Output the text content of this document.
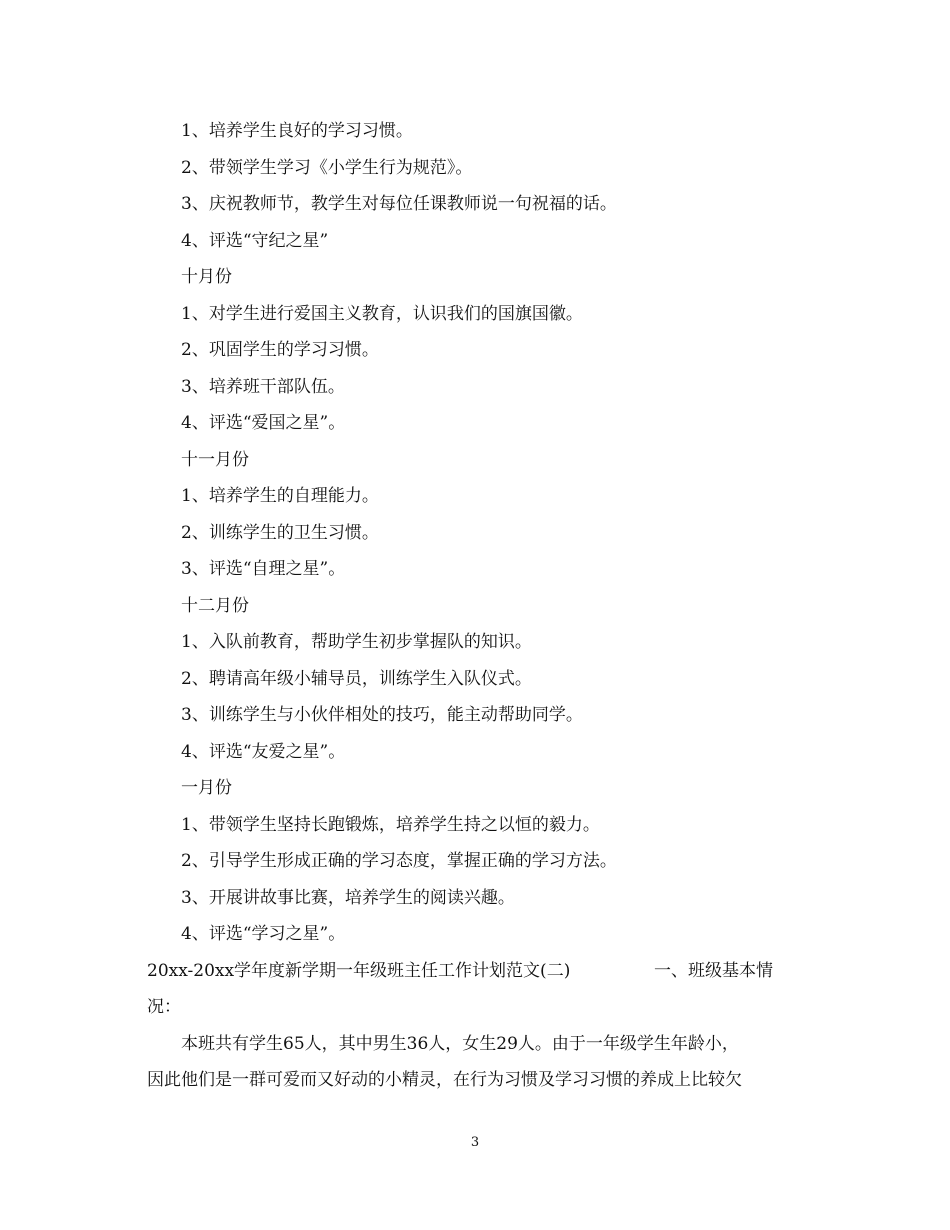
1、培养学生良好的学习习惯。
2、带领学生学习《小学生行为规范》。
3、庆祝教师节，教学生对每位任课教师说一句祝福的话。
4、评选“守纪之星”
十月份
1、对学生进行爱国主义教育，认识我们的国旗国徽。
2、巩固学生的学习习惯。
3、培养班干部队伍。
4、评选“爱国之星”。
十一月份
1、培养学生的自理能力。
2、训练学生的卫生习惯。
3、评选“自理之星”。
十二月份
1、入队前教育，帮助学生初步掌握队的知识。
2、聘请高年级小辅导员，训练学生入队仪式。
3、训练学生与小伙伴相处的技巧，能主动帮助同学。
4、评选“友爱之星”。
一月份
1、带领学生坚持长跑锻炼，培养学生持之以恒的毅力。
2、引导学生形成正确的学习态度，掌握正确的学习方法。
3、开展讲故事比赛，培养学生的阅读兴趣。
4、评选“学习之星”。
20xx-20xx学年度新学期一年级班主任工作计划范文(二)	一、班级基本情
况：
本班共有学生65人，其中男生36人，女生29人。由于一年级学生年龄小，
因此他们是一群可爱而又好动的小精灵，在行为习惯及学习习惯的养成上比较欠
3
